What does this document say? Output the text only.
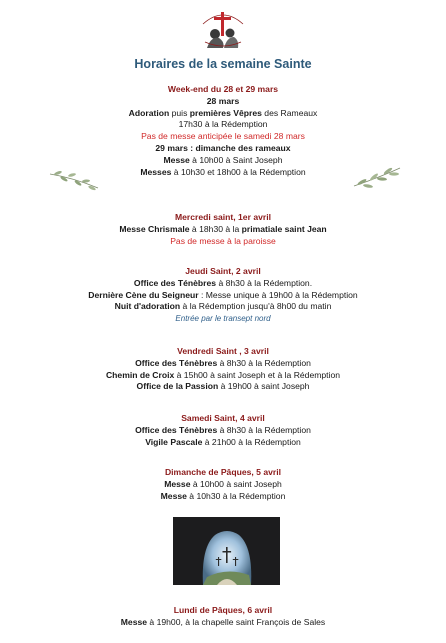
Horaires de la semaine Sainte
Week-end du 28 et 29 mars
28 mars
Adoration puis premières Vêpres des Rameaux
17h30 à la Rédemption
Pas de messe anticipée le samedi 28 mars
29 mars : dimanche des rameaux
Messe à 10h00 à Saint Joseph
Messes à 10h30 et 18h00 à la Rédemption
Mercredi saint, 1er avril
Messe Chrismale à 18h30 à la primatiale saint Jean
Pas de messe à la paroisse
Jeudi Saint, 2 avril
Office des Ténèbres à 8h30 à la Rédemption.
Dernière Cène du Seigneur : Messe unique à 19h00 à la Rédemption
Nuit d'adoration à la Rédemption jusqu'à 8h00 du matin
Entrée par le transept nord
Vendredi Saint , 3 avril
Office des Ténèbres à 8h30 à la Rédemption
Chemin de Croix à 15h00 à saint Joseph et à la Rédemption
Office de la Passion à 19h00 à saint Joseph
Samedi Saint, 4 avril
Office des Ténèbres à 8h30 à la Rédemption
Vigile Pascale à 21h00 à la Rédemption
Dimanche de Pâques, 5 avril
Messe à 10h00 à saint Joseph
Messe à 10h30 à la Rédemption
Lundi de Pâques, 6 avril
Messe à 19h00, à la chapelle saint François de Sales
